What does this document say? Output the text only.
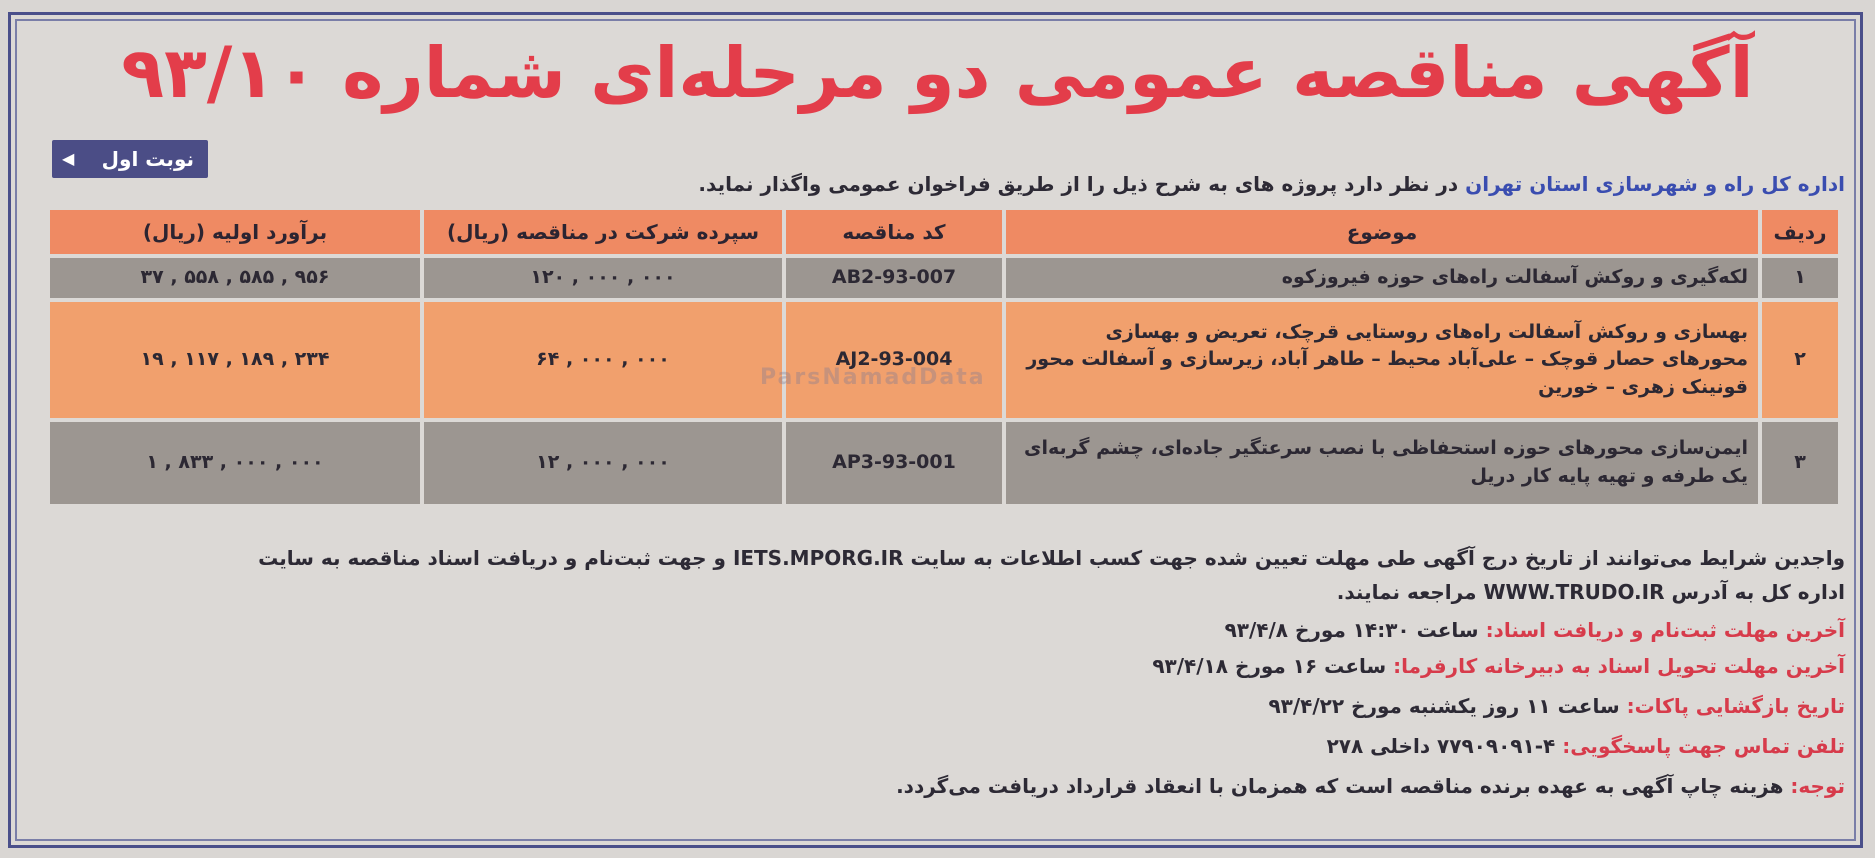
آگهی مناقصه عمومی دو مرحله‌ای شماره ۹۳/۱۰
◀ نوبت اول
اداره کل راه و شهرسازی استان تهران در نظر دارد پروژه های به شرح ذیل را از طریق فراخوان عمومی واگذار نماید.
ردیف	موضوع	کد مناقصه	سپرده شرکت در مناقصه (ریال)	برآورد اولیه (ریال)
۱	لکه‌گیری و روکش آسفالت راه‌های حوزه فیروزکوه	AB2-93-007	۱۲۰ , ۰۰۰ , ۰۰۰	۳۷ , ۵۵۸ , ۵۸۵ , ۹۵۶
۲	بهسازی و روکش آسفالت راه‌های روستایی قرچک، تعریض و بهسازی محورهای حصار قوچک – علی‌آباد محیط – طاهر آباد، زیرسازی و آسفالت محور قونینک زهری – خورین	AJ2-93-004	۶۴ , ۰۰۰ , ۰۰۰	۱۹ , ۱۱۷ , ۱۸۹ , ۲۳۴
۳	ایمن‌سازی محورهای حوزه استحفاظی با نصب سرعتگیر جاده‌ای، چشم گربه‌ای یک طرفه و تهیه پایه کار دریل	AP3-93-001	۱۲ , ۰۰۰ , ۰۰۰	۱ , ۸۳۳ , ۰۰۰ , ۰۰۰
ParsNamadData
واجدین شرایط می‌توانند از تاریخ درج آگهی طی مهلت تعیین شده جهت کسب اطلاعات به سایت IETS.MPORG.IR و جهت ثبت‌نام و دریافت اسناد مناقصه به سایت
اداره کل به آدرس WWW.TRUDO.IR مراجعه نمایند.
آخرین مهلت ثبت‌نام و دریافت اسناد: ساعت ۱۴:۳۰ مورخ ۹۳/۴/۸
آخرین مهلت تحویل اسناد به دبیرخانه کارفرما: ساعت ۱۶ مورخ ۹۳/۴/۱۸
تاریخ بازگشایی پاکات: ساعت ۱۱ روز یکشنبه مورخ ۹۳/۴/۲۲
تلفن تماس جهت پاسخگویی: ۴-۷۷۹۰۹۰۹۱ داخلی ۲۷۸
توجه: هزینه چاپ آگهی به عهده برنده مناقصه است که همزمان با انعقاد قرارداد دریافت می‌گردد.
